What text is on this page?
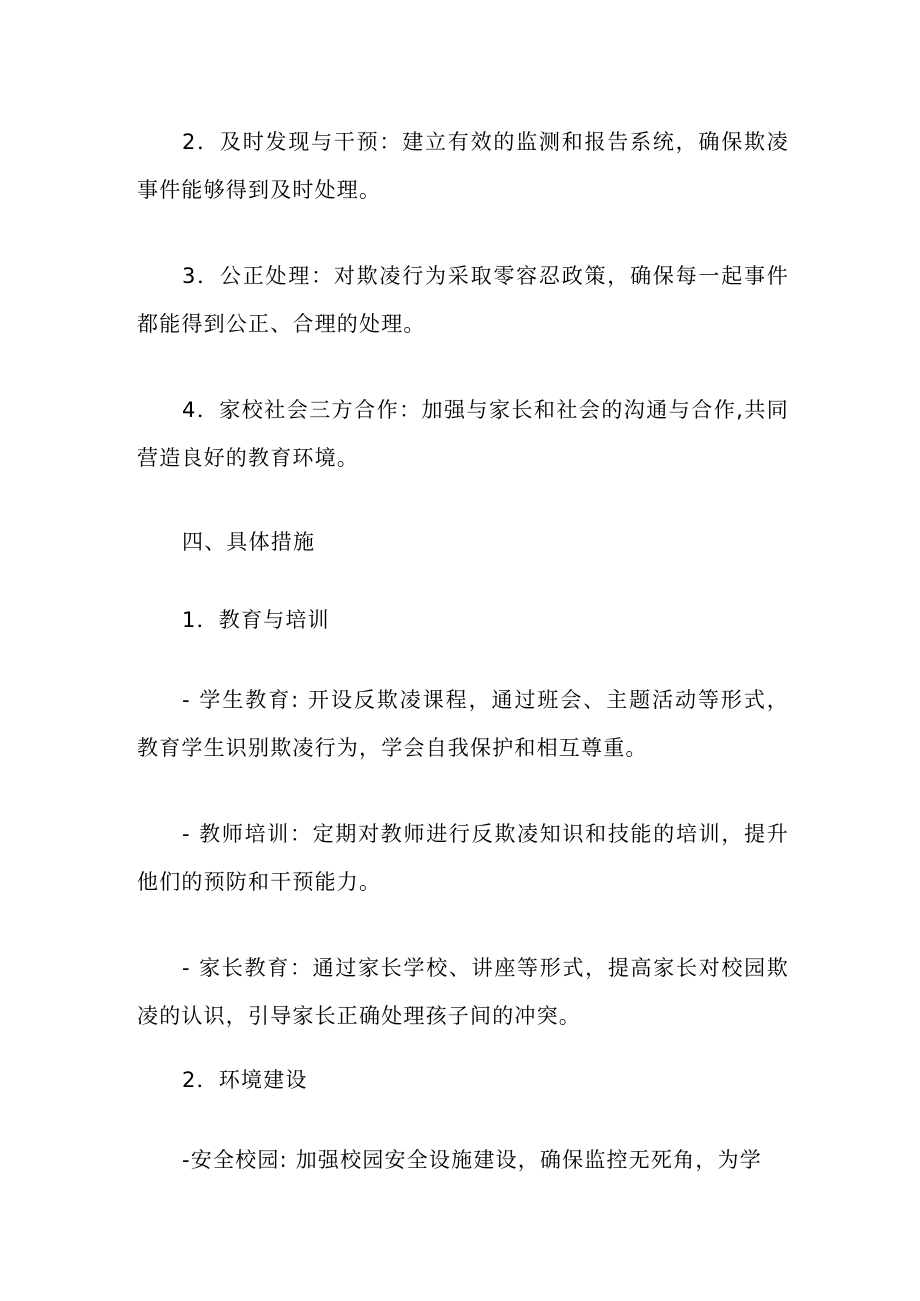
2．及时发现与干预：建立有效的监测和报告系统，确保欺凌事件能够得到及时处理。

3．公正处理：对欺凌行为采取零容忍政策，确保每一起事件都能得到公正、合理的处理。

4．家校社会三方合作：加强与家长和社会的沟通与合作,共同营造良好的教育环境。

四、具体措施

1．教育与培训

- 学生教育: 开设反欺凌课程，通过班会、主题活动等形式，教育学生识别欺凌行为，学会自我保护和相互尊重。

- 教师培训：定期对教师进行反欺凌知识和技能的培训，提升他们的预防和干预能力。

- 家长教育：通过家长学校、讲座等形式，提高家长对校园欺凌的认识，引导家长正确处理孩子间的冲突。

2．环境建设

-安全校园: 加强校园安全设施建设，确保监控无死角，为学
